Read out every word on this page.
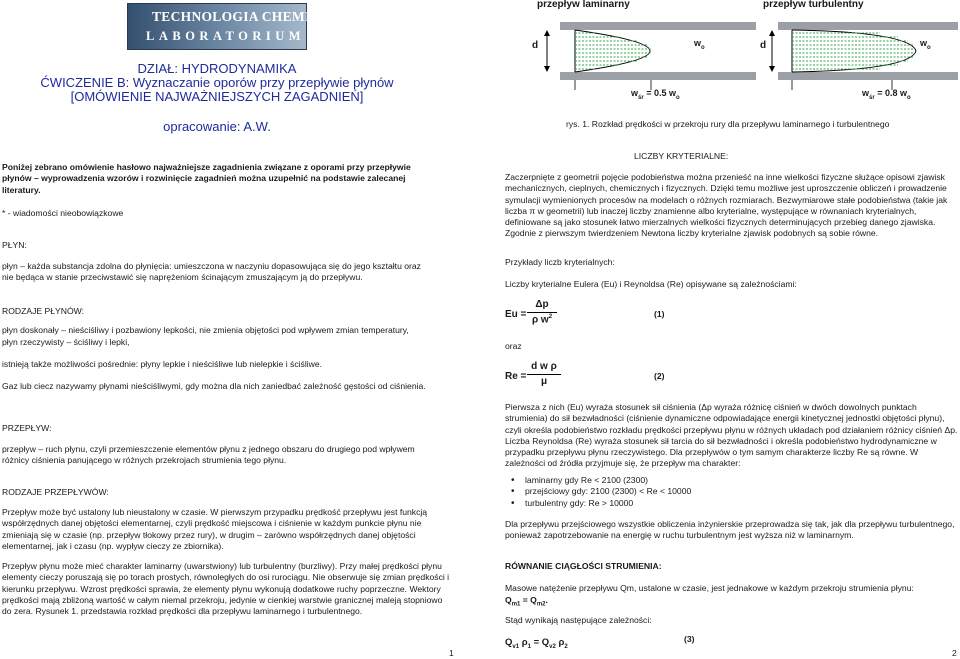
TECHNOLOGIA CHEMICZNA
LABORATORIUM
DZIAŁ: HYDRODYNAMIKA
ĆWICZENIE B: Wyznaczanie oporów przy przepływie płynów
[OMÓWIENIE NAJWAŻNIEJSZYCH ZAGADNIEŃ]
opracowanie: A.W.
przepływ laminarny	przepływ turbulentny
d	d
$w_o$	$w_o$
$w_{śr} = 0.5$ $w_o$	$w_{śr} = 0.8$ $w_o$
rys. 1. Rozkład prędkości w przekroju rury dla przepływu laminarnego i turbulentnego
Poniżej zebrano omówienie hasłowo najważniejsze zagadnienia związane z oporami przy przepływie płynów – wyprowadzenia wzorów i rozwinięcie zagadnień można uzupełnić na podstawie zalecanej literatury.
* - wiadomości nieobowiązkowe
PŁYN:
płyn – każda substancja zdolna do płynięcia: umieszczona w naczyniu dopasowująca się do jego kształtu oraz nie będąca w stanie przeciwstawić się naprężeniom ścinającym zmuszającym ją do przepływu.
RODZAJE PŁYNÓW:
płyn doskonały – nieściśliwy i pozbawiony lepkości, nie zmienia objętości pod wpływem zmian temperatury,
płyn rzeczywisty – ściśliwy i lepki,
istnieją także możliwości pośrednie: płyny lepkie i nieściśliwe lub nielepkie i ściśliwe.
Gaz lub ciecz nazywamy płynami nieściśliwymi, gdy można dla nich zaniedbać zależność gęstości od ciśnienia.
PRZEPŁYW:
przepływ – ruch płynu, czyli przemieszczenie elementów płynu z jednego obszaru do drugiego pod wpływem różnicy ciśnienia panującego w różnych przekrojach strumienia tego płynu.
RODZAJE PRZEPŁYWÓW:
Przepływ może być ustalony lub nieustalony w czasie. W pierwszym przypadku prędkość przepływu jest funkcją współrzędnych danej objętości elementarnej, czyli prędkość miejscowa i ciśnienie w każdym punkcie płynu nie zmieniają się w czasie (np. przepływ tłokowy przez rury), w drugim – zarówno współrzędnych danej objętości elementarnej, jak i czasu (np. wypływ cieczy ze zbiornika).
Przepływ płynu może mieć charakter laminarny (uwarstwiony) lub turbulentny (burzliwy). Przy małej prędkości płynu elementy cieczy poruszają się po torach prostych, równoległych do osi rurociągu. Nie obserwuje się zmian prędkości i kierunku przepływu. Wzrost prędkości sprawia, że elementy płynu wykonują dodatkowe ruchy poprzeczne. Wektory prędkości mają zbliżoną wartość w całym niemal przekroju, jedynie w cienkiej warstwie granicznej maleją stopniowo do zera. Rysunek 1. przedstawia rozkład prędkości dla przepływu laminarnego i turbulentnego.
1
LICZBY KRYTERIALNE:
Zaczerpnięte z geometrii pojęcie podobieństwa można przenieść na inne wielkości fizyczne służące opisowi zjawisk mechanicznych, cieplnych, chemicznych i fizycznych. Dzięki temu możliwe jest uproszczenie obliczeń i prowadzenie symulacji wymienionych procesów na modelach o różnych rozmiarach. Bezwymiarowe stałe podobieństwa (takie jak liczba π w geometrii) lub inaczej liczby znamienne albo kryterialne, występujące w równaniach kryterialnych, definiowane są jako stosunek łatwo mierzalnych wielkości fizycznych determinujących przebieg danego zjawiska. Zgodnie z pierwszym twierdzeniem Newtona liczby kryterialne zjawisk podobnych są sobie równe.
Przykłady liczb kryterialnych:
Liczby kryterialne Eulera (Eu) i Reynoldsa (Re) opisywane są zależnościami:
Eu =
Δp
ρ $w^2$	(1)
oraz
Re =
d w ρ
μ	(2)
Pierwsza z nich (Eu) wyraża stosunek sił ciśnienia (Δp wyraża różnicę ciśnień w dwóch dowolnych punktach strumienia) do sił bezwładności (ciśnienie dynamiczne odpowiadające energii kinetycznej jednostki objętości płynu), czyli określa podobieństwo rozkładu prędkości przepływu płynu w różnych układach pod działaniem różnicy ciśnień Δp. Liczba Reynoldsa (Re) wyraża stosunek sił tarcia do sił bezwładności i określa podobieństwo hydrodynamiczne w przypadku przepływu płynu rzeczywistego. Dla przepływów o tym samym charakterze liczby Re są równe. W zależności od źródła przyjmuje się, że przepływ ma charakter:
• laminarny gdy Re < 2100 (2300)
• przejściowy gdy: 2100 (2300) < Re < 10000
• turbulentny gdy: Re > 10000
Dla przepływu przejściowego wszystkie obliczenia inżynierskie przeprowadza się tak, jak dla przepływu turbulentnego, ponieważ zapotrzebowanie na energię w ruchu turbulentnym jest wyższa niż w laminarnym.
RÓWNANIE CIĄGŁOŚCI STRUMIENIA:
Masowe natężenie przepływu Qm, ustalone w czasie, jest jednakowe w każdym przekroju strumienia płynu:
$Q_{m1} = Q_{m2}$.
Stąd wynikają następujące zależności:
$Q_{v1}$ $\rho_1 = Q_{v2}$ $\rho_2$
(3)
2
